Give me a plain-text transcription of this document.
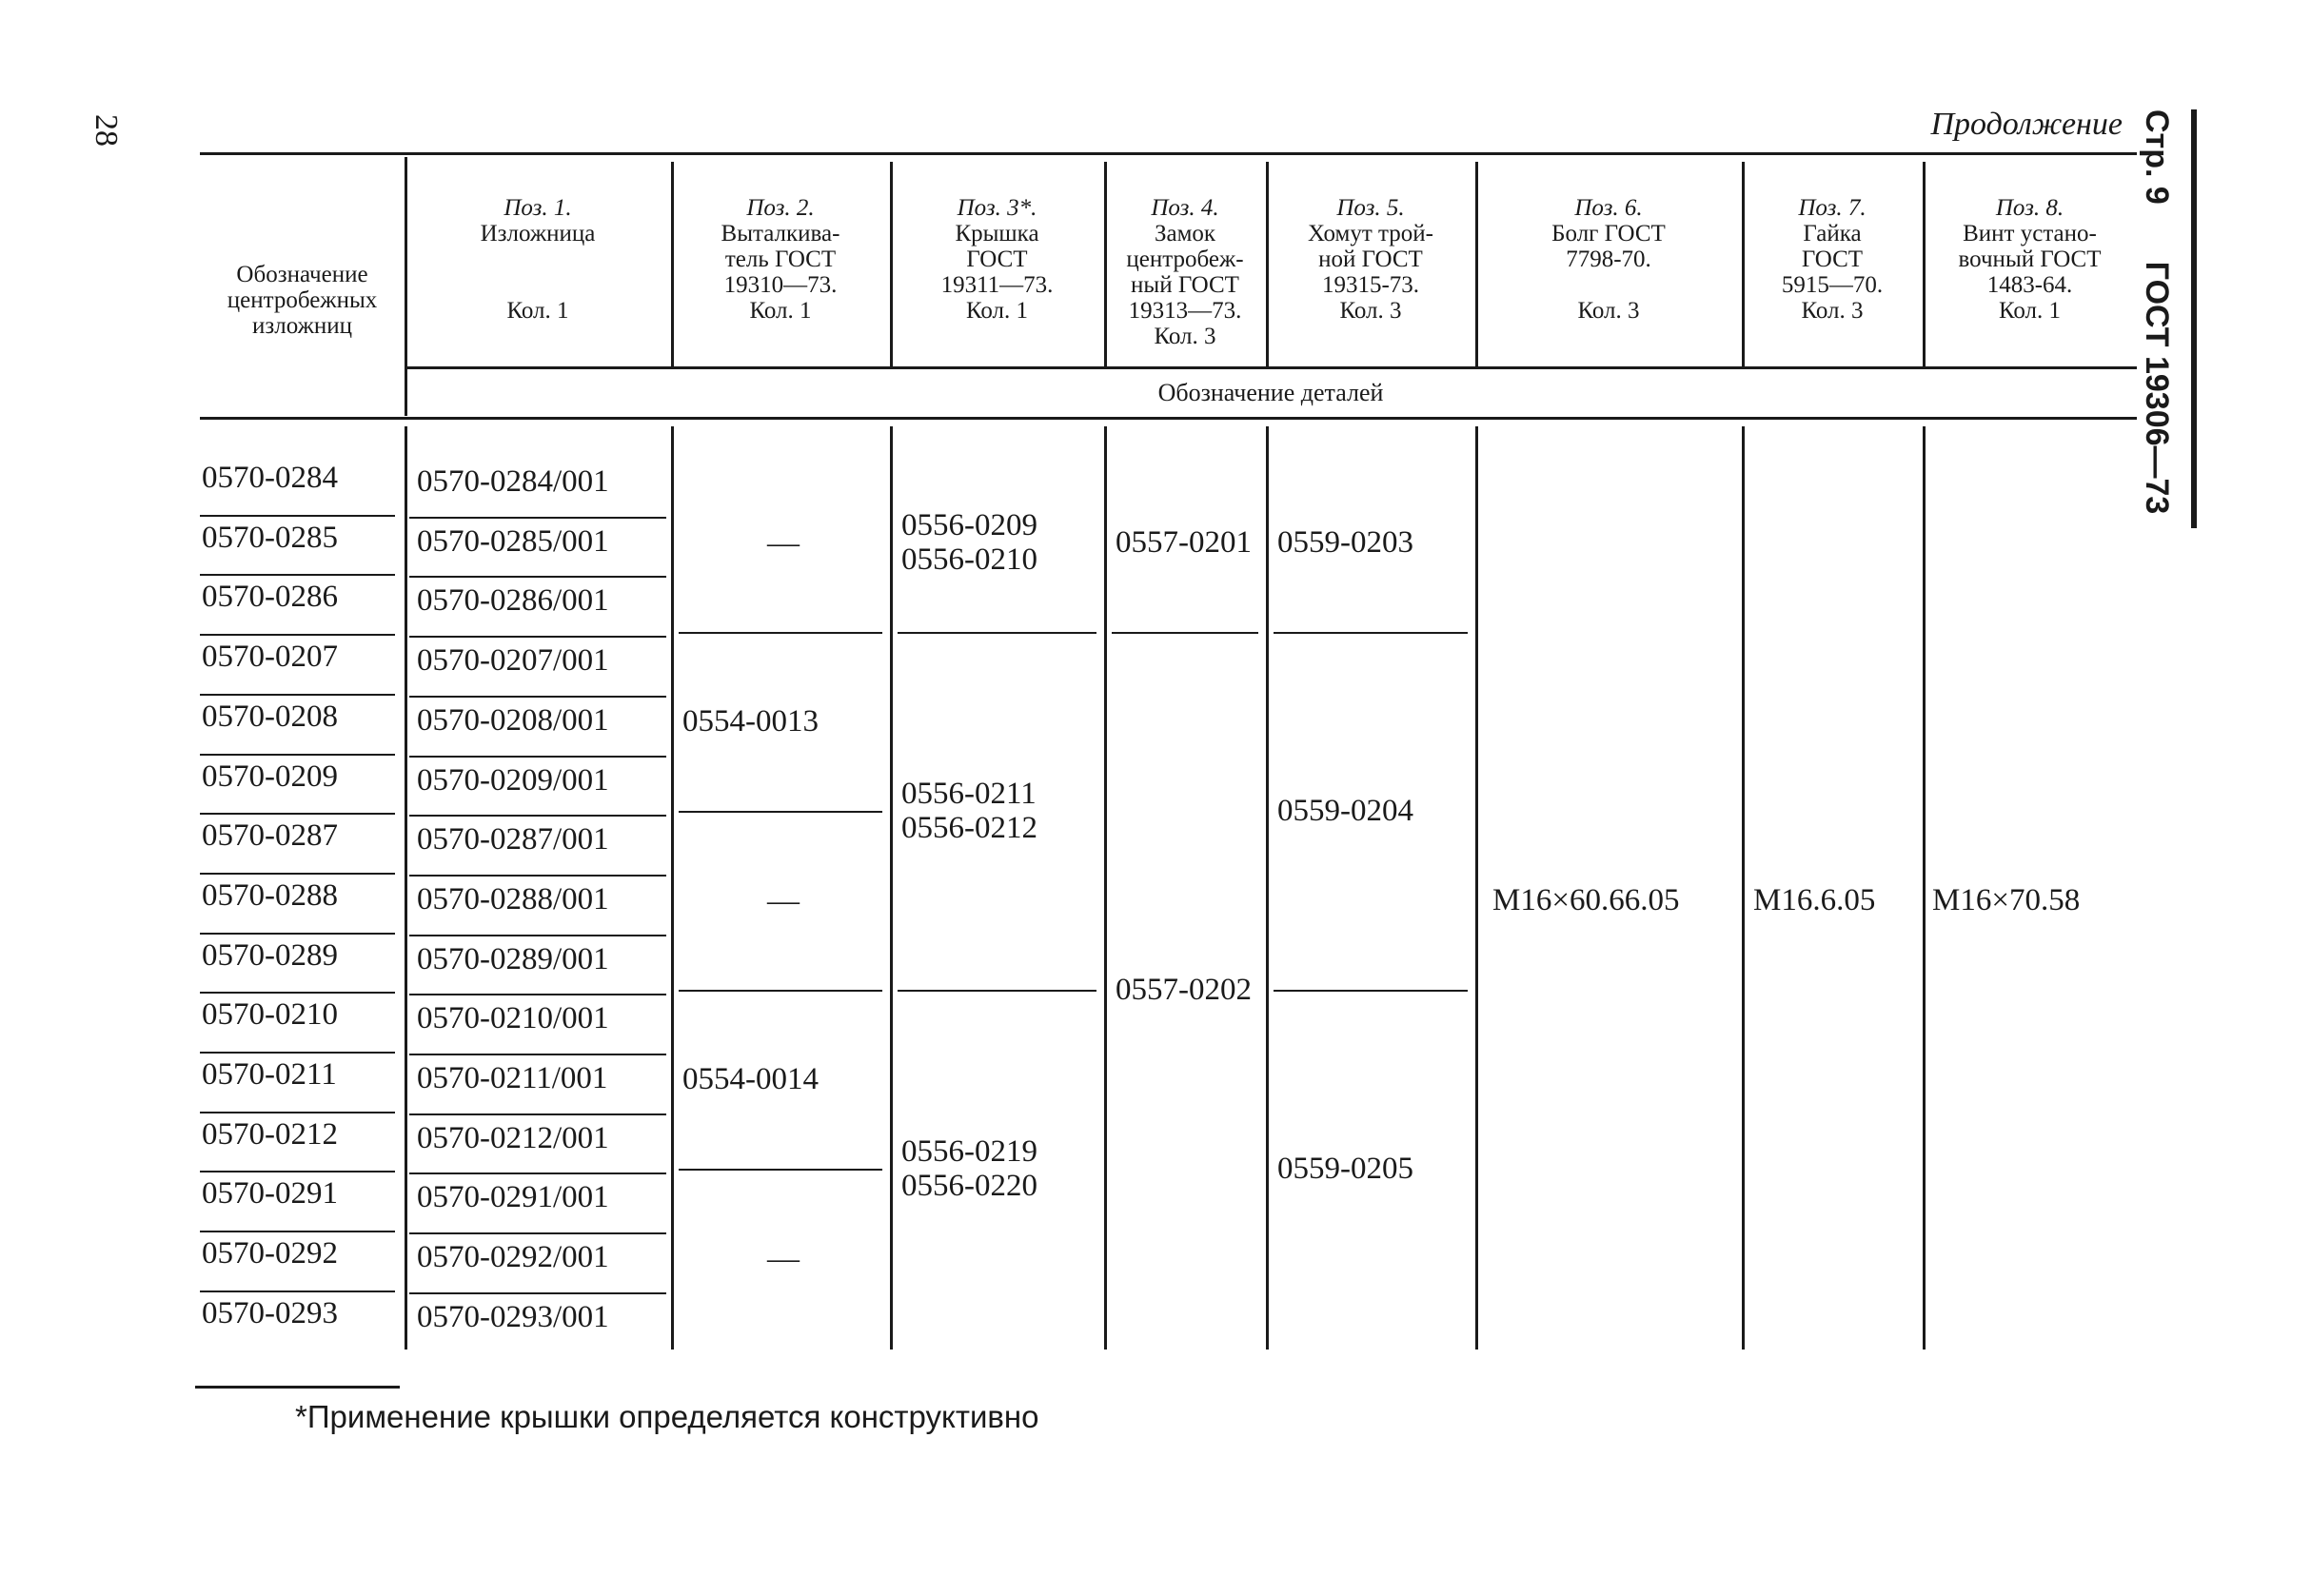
28	Продолжение Стр. 9ГОСТ 19306—73
Обозначение
центробежных
изложниц
Поз. 1.
Изложница

Кол. 1
Поз. 2.
Выталкива-
тель ГОСТ
19310—73.
Кол. 1
Поз. 3*.
Крышка
ГОСТ
19311—73.
Кол. 1
Поз. 4.
Замок
центробеж-
ный ГОСТ
19313—73.
Кол. 3
Поз. 5.
Хомут трой-
ной ГОСТ
19315-73.
Кол. 3
Поз. 6.
Болг ГОСТ
7798-70.

Кол. 3
Поз. 7.
Гайка
ГОСТ
5915—70.
Кол. 3
Поз. 8.
Винт устано-
вочный ГОСТ
1483-64.
Кол. 1
Обозначение деталей
0570-0284
0570-0285
0570-0286
0570-0207
0570-0208
0570-0209
0570-0287
0570-0288
0570-0289
0570-0210
0570-0211
0570-0212
0570-0291
0570-0292
0570-0293
0570-0284/001
0570-0285/001
0570-0286/001
0570-0207/001
0570-0208/001
0570-0209/001
0570-0287/001
0570-0288/001
0570-0289/001
0570-0210/001
0570-0211/001
0570-0212/001
0570-0291/001
0570-0292/001
0570-0293/001
—
0554-0013
—
0554-0014
—
0556-0209
0556-0210
0556-0211
0556-0212
0556-0219
0556-0220
0557-0201
0557-0202
0559-0203
0559-0204
0559-0205
М16×60.66.05 М16.6.05 М16×70.58
*Применение крышки определяется конструктивно
